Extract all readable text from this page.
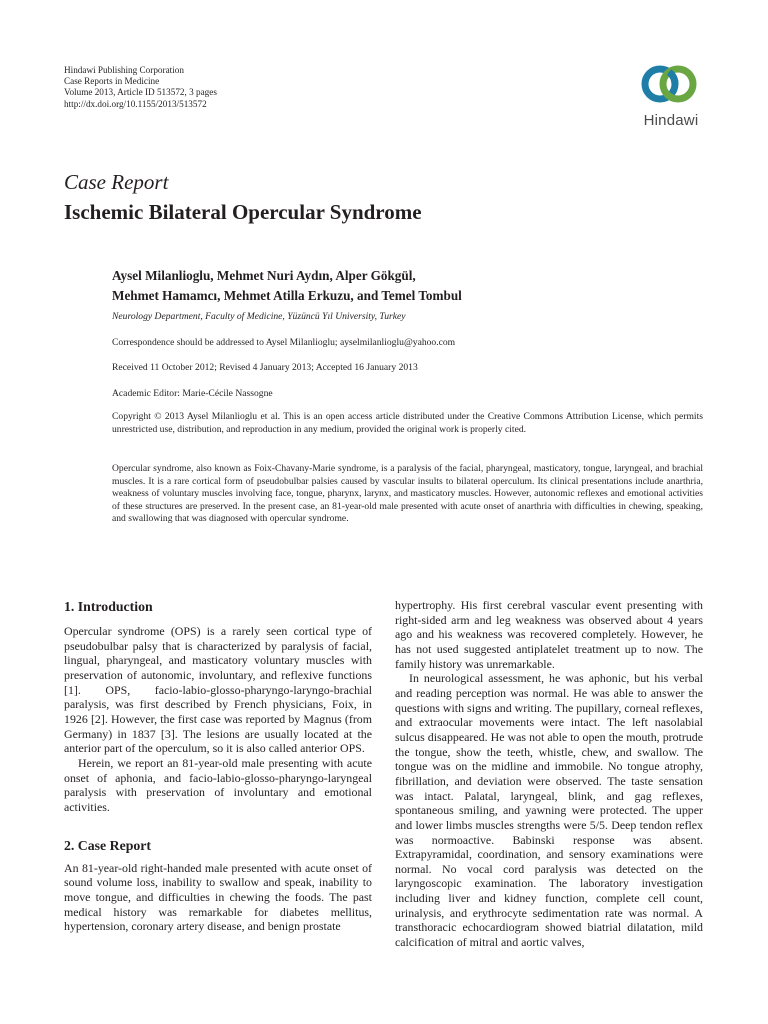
Hindawi Publishing Corporation
Case Reports in Medicine
Volume 2013, Article ID 513572, 3 pages
http://dx.doi.org/10.1155/2013/513572
Hindawi
Case Report
Ischemic Bilateral Opercular Syndrome
Aysel Milanlioglu, Mehmet Nuri Aydın, Alper Gökgül,
Mehmet Hamamcı, Mehmet Atilla Erkuzu, and Temel Tombul
Neurology Department, Faculty of Medicine, Yüzüncü Yıl University, Turkey
Correspondence should be addressed to Aysel Milanlioglu; ayselmilanlioglu@yahoo.com
Received 11 October 2012; Revised 4 January 2013; Accepted 16 January 2013
Academic Editor: Marie-Cécile Nassogne
Copyright © 2013 Aysel Milanlioglu et al. This is an open access article distributed under the Creative Commons Attribution License, which permits unrestricted use, distribution, and reproduction in any medium, provided the original work is properly cited.
Opercular syndrome, also known as Foix-Chavany-Marie syndrome, is a paralysis of the facial, pharyngeal, masticatory, tongue, laryngeal, and brachial muscles. It is a rare cortical form of pseudobulbar palsies caused by vascular insults to bilateral operculum. Its clinical presentations include anarthria, weakness of voluntary muscles involving face, tongue, pharynx, larynx, and masticatory muscles. However, autonomic reflexes and emotional activities of these structures are preserved. In the present case, an 81-year-old male presented with acute onset of anarthria with difficulties in chewing, speaking, and swallowing that was diagnosed with opercular syndrome.
1. Introduction

Opercular syndrome (OPS) is a rarely seen cortical type of pseudobulbar palsy that is characterized by paralysis of facial, lingual, pharyngeal, and masticatory voluntary muscles with preservation of autonomic, involuntary, and reflexive functions [1]. OPS, facio-labio-glosso-pharyngo-laryngo-brachial paralysis, was first described by French physicians, Foix, in 1926 [2]. However, the first case was reported by Magnus (from Germany) in 1837 [3]. The lesions are usually located at the anterior part of the operculum, so it is also called anterior OPS.

Herein, we report an 81-year-old male presenting with acute onset of aphonia, and facio-labio-glosso-pharyngo-laryngeal paralysis with preservation of involuntary and emotional activities.

2. Case Report

An 81-year-old right-handed male presented with acute onset of sound volume loss, inability to swallow and speak, inability to move tongue, and difficulties in chewing the foods. The past medical history was remarkable for diabetes mellitus, hypertension, coronary artery disease, and benign prostate

hypertrophy. His first cerebral vascular event presenting with right-sided arm and leg weakness was observed about 4 years ago and his weakness was recovered completely. However, he has not used suggested antiplatelet treatment up to now. The family history was unremarkable.

In neurological assessment, he was aphonic, but his verbal and reading perception was normal. He was able to answer the questions with signs and writing. The pupillary, corneal reflexes, and extraocular movements were intact. The left nasolabial sulcus disappeared. He was not able to open the mouth, protrude the tongue, show the teeth, whistle, chew, and swallow. The tongue was on the midline and immobile. No tongue atrophy, fibrillation, and deviation were observed. The taste sensation was intact. Palatal, laryngeal, blink, and gag reflexes, spontaneous smiling, and yawning were protected. The upper and lower limbs muscles strengths were 5/5. Deep tendon reflex was normoactive. Babinski response was absent. Extrapyramidal, coordination, and sensory examinations were normal. No vocal cord paralysis was detected on the laryngoscopic examination. The laboratory investigation including liver and kidney function, complete cell count, urinalysis, and erythrocyte sedimentation rate was normal. A transthoracic echocardiogram showed biatrial dilatation, mild calcification of mitral and aortic valves,
